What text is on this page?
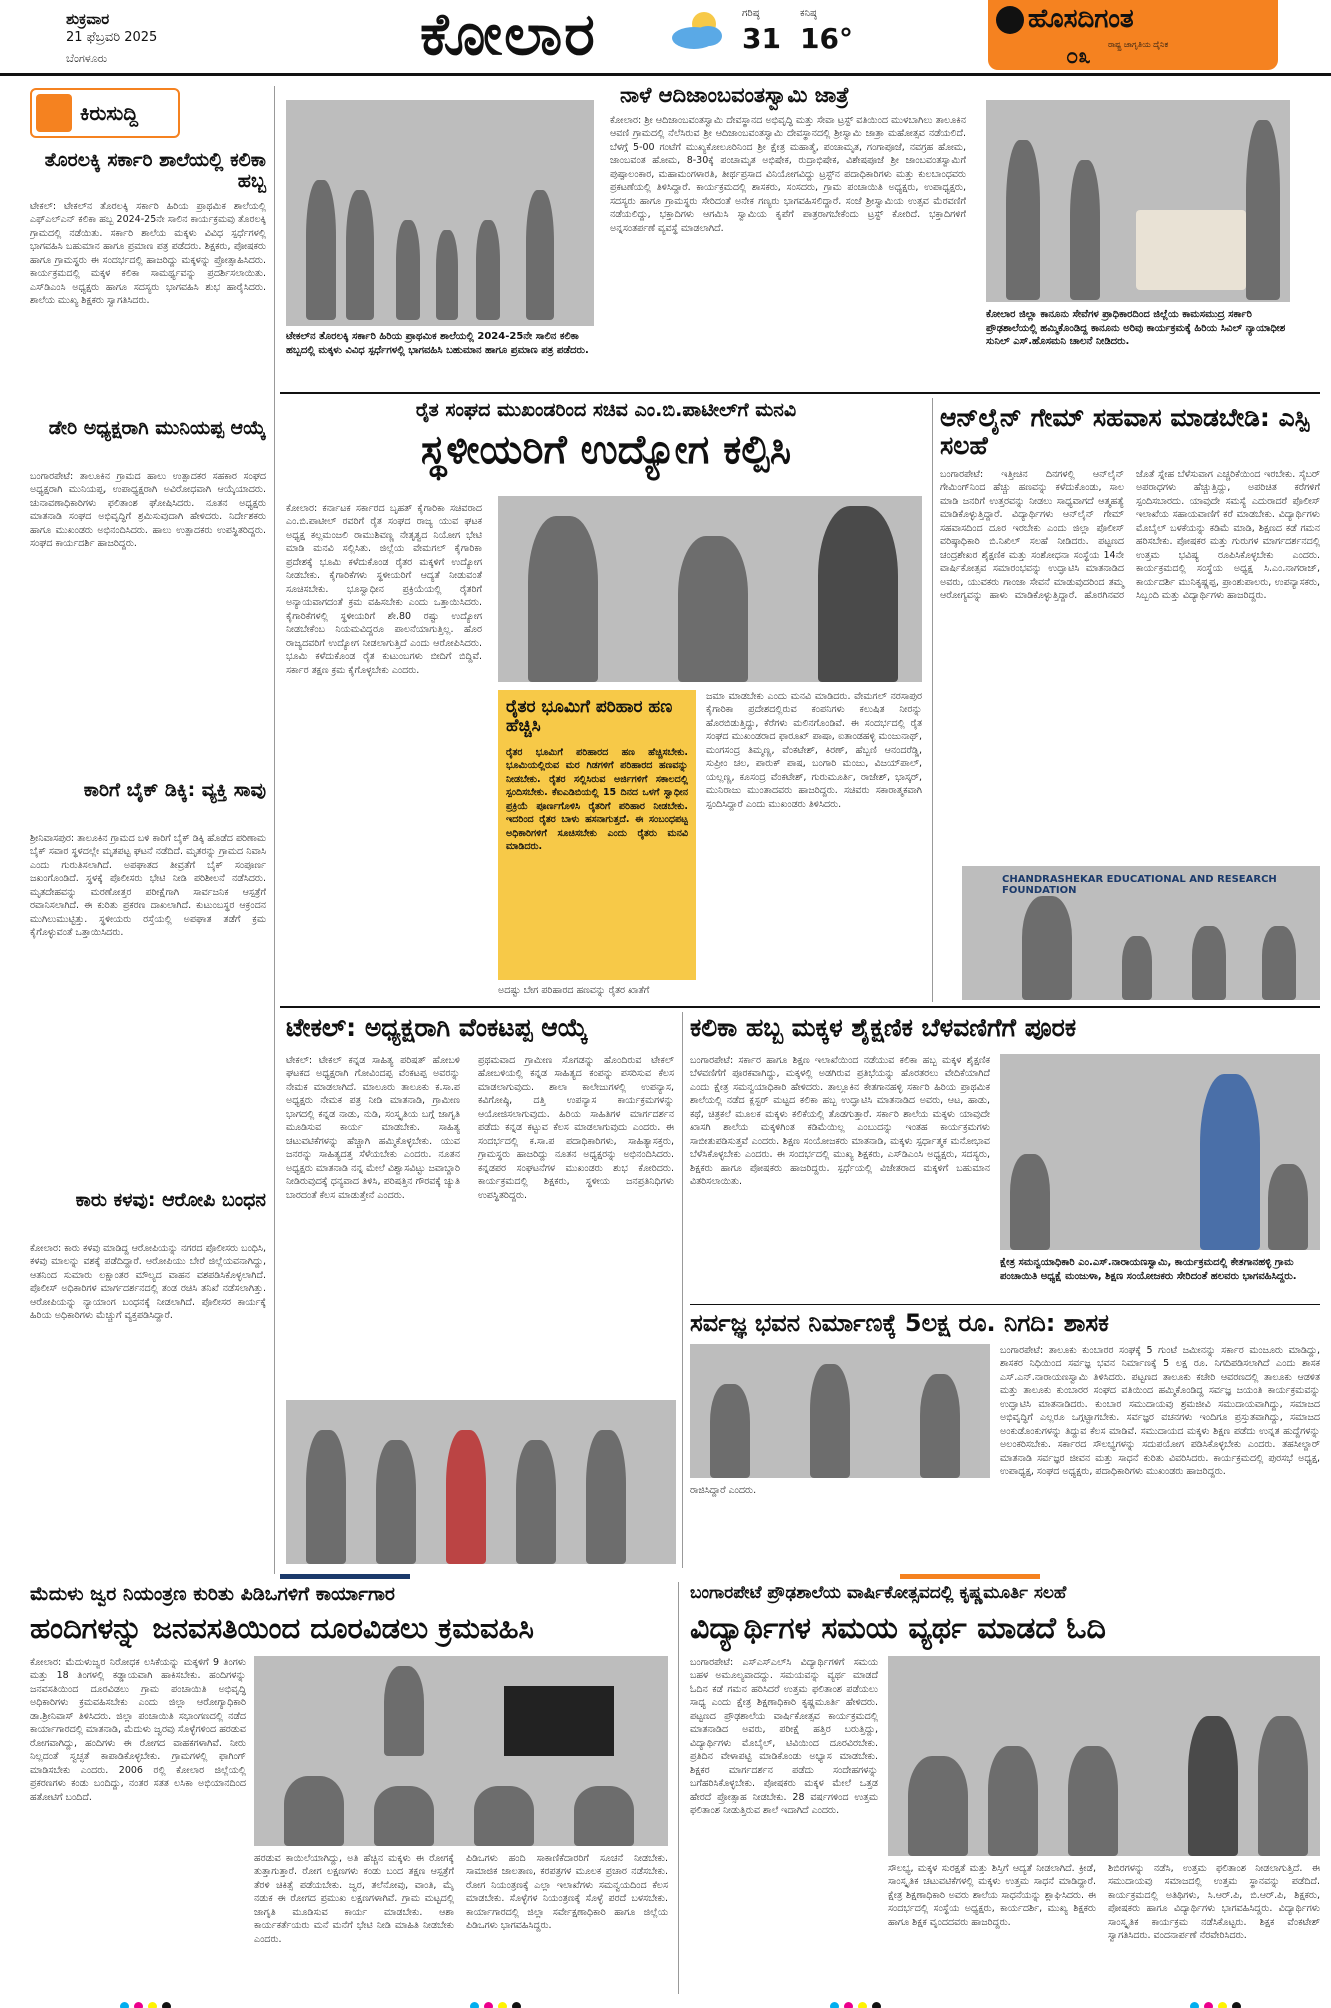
ಶುಕ್ರವಾರ
21 ಫೆಬ್ರವರಿ 2025
ಬೆಂಗಳೂರು	ಕೋಲಾರ	ಗರಿಷ್ಠ
31
ಕನಿಷ್ಠ
16°
ಹೊಸದಿಗಂತ
ರಾಷ್ಟ್ರ ಜಾಗೃತಿಯ ದೈನಿಕ
೦೩
ಕಿರುಸುದ್ದಿ
ತೊರಲಕ್ಕಿ ಸರ್ಕಾರಿ ಶಾಲೆಯಲ್ಲಿ ಕಲಿಕಾ ಹಬ್ಬ
ಟೇಕಲ್: ಟೇಕಲ್‌ನ ತೊರಲಕ್ಕಿ ಸರ್ಕಾರಿ ಹಿರಿಯ ಪ್ರಾಥಮಿಕ ಶಾಲೆಯಲ್ಲಿ ಎಫ್‌ಎಲ್‌ಎನ್ ಕಲಿಕಾ ಹಬ್ಬ 2024-25ನೇ ಸಾಲಿನ ಕಾರ್ಯಕ್ರಮವು ತೊರಲಕ್ಕಿ ಗ್ರಾಮದಲ್ಲಿ ನಡೆಯಿತು. ಸರ್ಕಾರಿ ಶಾಲೆಯ ಮಕ್ಕಳು ವಿವಿಧ ಸ್ಪರ್ಧೆಗಳಲ್ಲಿ ಭಾಗವಹಿಸಿ ಬಹುಮಾನ ಹಾಗೂ ಪ್ರಮಾಣ ಪತ್ರ ಪಡೆದರು. ಶಿಕ್ಷಕರು, ಪೋಷಕರು ಹಾಗೂ ಗ್ರಾಮಸ್ಥರು ಈ ಸಂದರ್ಭದಲ್ಲಿ ಹಾಜರಿದ್ದು ಮಕ್ಕಳನ್ನು ಪ್ರೋತ್ಸಾಹಿಸಿದರು. ಕಾರ್ಯಕ್ರಮದಲ್ಲಿ ಮಕ್ಕಳ ಕಲಿಕಾ ಸಾಮರ್ಥ್ಯವನ್ನು ಪ್ರದರ್ಶಿಸಲಾಯಿತು. ಎಸ್‌ಡಿಎಂಸಿ ಅಧ್ಯಕ್ಷರು ಹಾಗೂ ಸದಸ್ಯರು ಭಾಗವಹಿಸಿ ಶುಭ ಹಾರೈಸಿದರು. ಶಾಲೆಯ ಮುಖ್ಯ ಶಿಕ್ಷಕರು ಸ್ವಾಗತಿಸಿದರು.
ಡೇರಿ ಅಧ್ಯಕ್ಷರಾಗಿ ಮುನಿಯಪ್ಪ ಆಯ್ಕೆ
ಬಂಗಾರಪೇಟೆ: ತಾಲೂಕಿನ ಗ್ರಾಮದ ಹಾಲು ಉತ್ಪಾದಕರ ಸಹಕಾರ ಸಂಘದ ಅಧ್ಯಕ್ಷರಾಗಿ ಮುನಿಯಪ್ಪ, ಉಪಾಧ್ಯಕ್ಷರಾಗಿ ಅವಿರೋಧವಾಗಿ ಆಯ್ಕೆಯಾದರು. ಚುನಾವಣಾಧಿಕಾರಿಗಳು ಫಲಿತಾಂಶ ಘೋಷಿಸಿದರು. ನೂತನ ಅಧ್ಯಕ್ಷರು ಮಾತನಾಡಿ ಸಂಘದ ಅಭಿವೃದ್ಧಿಗೆ ಶ್ರಮಿಸುವುದಾಗಿ ಹೇಳಿದರು. ನಿರ್ದೇಶಕರು ಹಾಗೂ ಮುಖಂಡರು ಅಭಿನಂದಿಸಿದರು. ಹಾಲು ಉತ್ಪಾದಕರು ಉಪಸ್ಥಿತರಿದ್ದರು. ಸಂಘದ ಕಾರ್ಯದರ್ಶಿ ಹಾಜರಿದ್ದರು.
ಕಾರಿಗೆ ಬೈಕ್ ಡಿಕ್ಕಿ: ವ್ಯಕ್ತಿ ಸಾವು
ಶ್ರೀನಿವಾಸಪುರ: ತಾಲೂಕಿನ ಗ್ರಾಮದ ಬಳಿ ಕಾರಿಗೆ ಬೈಕ್ ಡಿಕ್ಕಿ ಹೊಡೆದ ಪರಿಣಾಮ ಬೈಕ್ ಸವಾರ ಸ್ಥಳದಲ್ಲೇ ಮೃತಪಟ್ಟ ಘಟನೆ ನಡೆದಿದೆ. ಮೃತರನ್ನು ಗ್ರಾಮದ ನಿವಾಸಿ ಎಂದು ಗುರುತಿಸಲಾಗಿದೆ. ಅಪಘಾತದ ತೀವ್ರತೆಗೆ ಬೈಕ್ ಸಂಪೂರ್ಣ ಜಖಂಗೊಂಡಿದೆ. ಸ್ಥಳಕ್ಕೆ ಪೊಲೀಸರು ಭೇಟಿ ನೀಡಿ ಪರಿಶೀಲನೆ ನಡೆಸಿದರು. ಮೃತದೇಹವನ್ನು ಮರಣೋತ್ತರ ಪರೀಕ್ಷೆಗಾಗಿ ಸಾರ್ವಜನಿಕ ಆಸ್ಪತ್ರೆಗೆ ರವಾನಿಸಲಾಗಿದೆ. ಈ ಕುರಿತು ಪ್ರಕರಣ ದಾಖಲಾಗಿದೆ. ಕುಟುಂಬಸ್ಥರ ಆಕ್ರಂದನ ಮುಗಿಲುಮುಟ್ಟಿತ್ತು. ಸ್ಥಳೀಯರು ರಸ್ತೆಯಲ್ಲಿ ಅಪಘಾತ ತಡೆಗೆ ಕ್ರಮ ಕೈಗೊಳ್ಳುವಂತೆ ಒತ್ತಾಯಿಸಿದರು.
ಕಾರು ಕಳವು: ಆರೋಪಿ ಬಂಧನ
ಕೋಲಾರ: ಕಾರು ಕಳವು ಮಾಡಿದ್ದ ಆರೋಪಿಯನ್ನು ನಗರದ ಪೊಲೀಸರು ಬಂಧಿಸಿ, ಕಳವು ಮಾಲನ್ನು ವಶಕ್ಕೆ ಪಡೆದಿದ್ದಾರೆ. ಆರೋಪಿಯು ಬೇರೆ ಜಿಲ್ಲೆಯವನಾಗಿದ್ದು, ಆತನಿಂದ ಸುಮಾರು ಲಕ್ಷಾಂತರ ಮೌಲ್ಯದ ವಾಹನ ವಶಪಡಿಸಿಕೊಳ್ಳಲಾಗಿದೆ. ಪೊಲೀಸ್ ಅಧಿಕಾರಿಗಳ ಮಾರ್ಗದರ್ಶನದಲ್ಲಿ ತಂಡ ರಚಿಸಿ ತನಿಖೆ ನಡೆಸಲಾಗಿತ್ತು. ಆರೋಪಿಯನ್ನು ನ್ಯಾಯಾಂಗ ಬಂಧನಕ್ಕೆ ನೀಡಲಾಗಿದೆ. ಪೊಲೀಸರ ಕಾರ್ಯಕ್ಕೆ ಹಿರಿಯ ಅಧಿಕಾರಿಗಳು ಮೆಚ್ಚುಗೆ ವ್ಯಕ್ತಪಡಿಸಿದ್ದಾರೆ.
ಟೇಕಲ್‌ನ ತೊರಲಕ್ಕಿ ಸರ್ಕಾರಿ ಹಿರಿಯ ಪ್ರಾಥಮಿಕ ಶಾಲೆಯಲ್ಲಿ 2024-25ನೇ ಸಾಲಿನ ಕಲಿಕಾ ಹಬ್ಬದಲ್ಲಿ ಮಕ್ಕಳು ವಿವಿಧ ಸ್ಪರ್ಧೆಗಳಲ್ಲಿ ಭಾಗವಹಿಸಿ ಬಹುಮಾನ ಹಾಗೂ ಪ್ರಮಾಣ ಪತ್ರ ಪಡೆದರು.
ನಾಳೆ ಆದಿಜಾಂಬವಂತಸ್ವಾಮಿ ಜಾತ್ರೆ
ಕೋಲಾರ: ಶ್ರೀ ಆದಿಜಾಂಬವಂತಸ್ವಾಮಿ ದೇವಸ್ಥಾನದ ಅಭಿವೃದ್ಧಿ ಮತ್ತು ಸೇವಾ ಟ್ರಸ್ಟ್ ವತಿಯಿಂದ ಮುಳಬಾಗಿಲು ತಾಲೂಕಿನ ಆವಣಿ ಗ್ರಾಮದಲ್ಲಿ ನೆಲೆಸಿರುವ ಶ್ರೀ ಆದಿಜಾಂಬವಂತಸ್ವಾಮಿ ದೇವಸ್ಥಾನದಲ್ಲಿ ಶ್ರೀಸ್ವಾಮಿ ಜಾತ್ರಾ ಮಹೋತ್ಸವ ನಡೆಯಲಿದೆ. ಬೆಳಗ್ಗೆ 5-00 ಗಂಟೆಗೆ ಮುಖ್ಯಕೋಲೂರಿನಿಂದ ಶ್ರೀ ಕ್ಷೇತ್ರ ಮಹಾತ್ಮೆ, ಪಂಚಾಮೃತ, ಗಂಗಾಪೂಜೆ, ನವಗ್ರಹ ಹೋಮ, ಜಾಂಬವಂತ ಹೋಮ, 8-30ಕ್ಕೆ ಪಂಚಾಮೃತ ಅಭಿಷೇಕ, ರುದ್ರಾಭಿಷೇಕ, ವಿಶೇಷಪೂಜೆ ಶ್ರೀ ಜಾಂಬವಂತಸ್ವಾಮಿಗೆ ಪುಷ್ಪಾಲಂಕಾರ, ಮಹಾಮಂಗಳಾರತಿ, ತೀರ್ಥಪ್ರಸಾದ ವಿನಿಯೋಗವಿದ್ದು ಟ್ರಸ್ಟ್‌ನ ಪದಾಧಿಕಾರಿಗಳು ಮತ್ತು ಕುಲಬಾಂಧವರು ಪ್ರಕಟಣೆಯಲ್ಲಿ ತಿಳಿಸಿದ್ದಾರೆ. ಕಾರ್ಯಕ್ರಮದಲ್ಲಿ ಶಾಸಕರು, ಸಂಸದರು, ಗ್ರಾಮ ಪಂಚಾಯಿತಿ ಅಧ್ಯಕ್ಷರು, ಉಪಾಧ್ಯಕ್ಷರು, ಸದಸ್ಯರು ಹಾಗೂ ಗ್ರಾಮಸ್ಥರು ಸೇರಿದಂತೆ ಅನೇಕ ಗಣ್ಯರು ಭಾಗವಹಿಸಲಿದ್ದಾರೆ. ಸಂಜೆ ಶ್ರೀಸ್ವಾಮಿಯ ಉತ್ಸವ ಮೆರವಣಿಗೆ ನಡೆಯಲಿದ್ದು, ಭಕ್ತಾದಿಗಳು ಆಗಮಿಸಿ ಸ್ವಾಮಿಯ ಕೃಪೆಗೆ ಪಾತ್ರರಾಗಬೇಕೆಂದು ಟ್ರಸ್ಟ್ ಕೋರಿದೆ. ಭಕ್ತಾದಿಗಳಿಗೆ ಅನ್ನಸಂತರ್ಪಣೆ ವ್ಯವಸ್ಥೆ ಮಾಡಲಾಗಿದೆ.
ಕೋಲಾರ ಜಿಲ್ಲಾ ಕಾನೂನು ಸೇವೆಗಳ ಪ್ರಾಧಿಕಾರದಿಂದ ಜಿಲ್ಲೆಯ ಕಾಮಸಮುದ್ರ ಸರ್ಕಾರಿ ಪ್ರೌಢಶಾಲೆಯಲ್ಲಿ ಹಮ್ಮಿಕೊಂಡಿದ್ದ ಕಾನೂನು ಅರಿವು ಕಾರ್ಯಕ್ರಮಕ್ಕೆ ಹಿರಿಯ ಸಿವಿಲ್ ನ್ಯಾಯಾಧೀಶ ಸುನಿಲ್ ಎಸ್.ಹೊಸಮನಿ ಚಾಲನೆ ನೀಡಿದರು.
ರೈತ ಸಂಘದ ಮುಖಂಡರಿಂದ ಸಚಿವ ಎಂ.ಬಿ.ಪಾಟೀಲ್‌ಗೆ ಮನವಿ
ಸ್ಥಳೀಯರಿಗೆ ಉದ್ಯೋಗ ಕಲ್ಪಿಸಿ
ಕೋಲಾರ: ಕರ್ನಾಟಕ ಸರ್ಕಾರದ ಬೃಹತ್ ಕೈಗಾರಿಕಾ ಸಚಿವರಾದ ಎಂ.ಬಿ.ಪಾಟೀಲ್ ರವರಿಗೆ ರೈತ ಸಂಘದ ರಾಜ್ಯ ಯುವ ಘಟಕ ಅಧ್ಯಕ್ಷ ಕಲ್ಲಮಂಜಲಿ ರಾಮುಶಿವಣ್ಣ ನೇತೃತ್ವದ ನಿಯೋಗ ಭೇಟಿ ಮಾಡಿ ಮನವಿ ಸಲ್ಲಿಸಿತು. ಜಿಲ್ಲೆಯ ವೇಮಗಲ್ ಕೈಗಾರಿಕಾ ಪ್ರದೇಶಕ್ಕೆ ಭೂಮಿ ಕಳೆದುಕೊಂಡ ರೈತರ ಮಕ್ಕಳಿಗೆ ಉದ್ಯೋಗ ನೀಡಬೇಕು. ಕೈಗಾರಿಕೆಗಳು ಸ್ಥಳೀಯರಿಗೆ ಆದ್ಯತೆ ನೀಡುವಂತೆ ಸೂಚಿಸಬೇಕು. ಭೂಸ್ವಾಧೀನ ಪ್ರಕ್ರಿಯೆಯಲ್ಲಿ ರೈತರಿಗೆ ಅನ್ಯಾಯವಾಗದಂತೆ ಕ್ರಮ ವಹಿಸಬೇಕು ಎಂದು ಒತ್ತಾಯಿಸಿದರು. ಕೈಗಾರಿಕೆಗಳಲ್ಲಿ ಸ್ಥಳೀಯರಿಗೆ ಶೇ.80 ರಷ್ಟು ಉದ್ಯೋಗ ನೀಡಬೇಕೆಂಬ ನಿಯಮವಿದ್ದರೂ ಪಾಲನೆಯಾಗುತ್ತಿಲ್ಲ. ಹೊರ ರಾಜ್ಯದವರಿಗೆ ಉದ್ಯೋಗ ನೀಡಲಾಗುತ್ತಿದೆ ಎಂದು ಆರೋಪಿಸಿದರು. ಭೂಮಿ ಕಳೆದುಕೊಂಡ ರೈತ ಕುಟುಂಬಗಳು ಬೀದಿಗೆ ಬಿದ್ದಿವೆ. ಸರ್ಕಾರ ತಕ್ಷಣ ಕ್ರಮ ಕೈಗೊಳ್ಳಬೇಕು ಎಂದರು.
ರೈತರ ಭೂಮಿಗೆ ಪರಿಹಾರ ಹಣ ಹೆಚ್ಚಿಸಿ
ರೈತರ ಭೂಮಿಗೆ ಪರಿಹಾರದ ಹಣ ಹೆಚ್ಚಿಸಬೇಕು. ಭೂಮಿಯಲ್ಲಿರುವ ಮರ ಗಿಡಗಳಿಗೆ ಪರಿಹಾರದ ಹಣವನ್ನು ನೀಡಬೇಕು. ರೈತರ ಸಲ್ಲಿಸಿರುವ ಅರ್ಜಿಗಳಿಗೆ ಸಕಾಲದಲ್ಲಿ ಸ್ಪಂದಿಸಬೇಕು. ಕೆಐಎಡಿಬಿಯಲ್ಲಿ 15 ದಿನದ ಒಳಗೆ ಸ್ವಾಧೀನ ಪ್ರಕ್ರಿಯೆ ಪೂರ್ಣಗೊಳಿಸಿ ರೈತರಿಗೆ ಪರಿಹಾರ ನೀಡಬೇಕು. ಇದರಿಂದ ರೈತರ ಬಾಳು ಹಸನಾಗುತ್ತದೆ. ಈ ಸಂಬಂಧಪಟ್ಟ ಅಧಿಕಾರಿಗಳಿಗೆ ಸೂಚಿಸಬೇಕು ಎಂದು ರೈತರು ಮನವಿ ಮಾಡಿದರು.
ಜಮಾ ಮಾಡಬೇಕು ಎಂದು ಮನವಿ ಮಾಡಿದರು. ವೇಮಗಲ್ ನರಸಾಪುರ ಕೈಗಾರಿಕಾ ಪ್ರದೇಶದಲ್ಲಿರುವ ಕಂಪನಿಗಳು ಕಲುಷಿತ ನೀರನ್ನು ಹೊರಬಿಡುತ್ತಿದ್ದು, ಕೆರೆಗಳು ಮಲಿನಗೊಂಡಿವೆ. ಈ ಸಂದರ್ಭದಲ್ಲಿ ರೈತ ಸಂಘದ ಮುಖಂಡರಾದ ಫಾರೂಖ್ ಪಾಷಾ, ಐತಾಂಡಹಳ್ಳಿ ಮಂಜುನಾಥ್, ಮಂಗಸಂದ್ರ ತಿಮ್ಮಣ್ಣ, ವೆಂಕಟೇಶ್, ಕಿರಣ್, ಹೆಬ್ಬಣಿ ಆನಂದರೆಡ್ಡಿ, ಸುಪ್ರೀಂ ಚಲ, ಪಾರುಕ್ ಪಾಷ, ಬಂಗಾರಿ ಮಂಜು, ವಿಜಯ್‌ಪಾಲ್, ಯಲ್ಲಣ್ಣ, ಕೂಸಂದ್ರ ವೆಂಕಟೇಶ್, ಗುರುಮೂರ್ತಿ, ರಾಜೇಶ್, ಭಾಸ್ಕರ್, ಮುನಿರಾಜು ಮುಂತಾದವರು ಹಾಜರಿದ್ದರು. ಸಚಿವರು ಸಕಾರಾತ್ಮಕವಾಗಿ ಸ್ಪಂದಿಸಿದ್ದಾರೆ ಎಂದು ಮುಖಂಡರು ತಿಳಿಸಿದರು.
ಅದಷ್ಟು ಬೇಗ ಪರಿಹಾರದ ಹಣವನ್ನು ರೈತರ ಖಾತೆಗೆ
ಆನ್‌ಲೈನ್ ಗೇಮ್ ಸಹವಾಸ ಮಾಡಬೇಡಿ: ಎಸ್ಪಿ ಸಲಹೆ
ಬಂಗಾರಪೇಟೆ: ಇತ್ತೀಚಿನ ದಿನಗಳಲ್ಲಿ ಆನ್‌ಲೈನ್ ಗೇಮಿಂಗ್‌ನಿಂದ ಹೆಚ್ಚು ಹಣವನ್ನು ಕಳೆದುಕೊಂಡು, ಸಾಲ ಮಾಡಿ ಜನರಿಗೆ ಉತ್ತರವನ್ನು ನೀಡಲು ಸಾಧ್ಯವಾಗದೆ ಆತ್ಮಹತ್ಯೆ ಮಾಡಿಕೊಳ್ಳುತ್ತಿದ್ದಾರೆ. ವಿದ್ಯಾರ್ಥಿಗಳು ಆನ್‌ಲೈನ್ ಗೇಮ್ ಸಹವಾಸದಿಂದ ದೂರ ಇರಬೇಕು ಎಂದು ಜಿಲ್ಲಾ ಪೊಲೀಸ್ ವರಿಷ್ಠಾಧಿಕಾರಿ ಬಿ.ನಿಖಿಲ್ ಸಲಹೆ ನೀಡಿದರು. ಪಟ್ಟಣದ ಚಂದ್ರಶೇಖರ ಶೈಕ್ಷಣಿಕ ಮತ್ತು ಸಂಶೋಧನಾ ಸಂಸ್ಥೆಯ 14ನೇ ವಾರ್ಷಿಕೋತ್ಸವ ಸಮಾರಂಭವನ್ನು ಉದ್ಘಾಟಿಸಿ ಮಾತನಾಡಿದ ಅವರು, ಯುವಕರು ಗಾಂಜಾ ಸೇವನೆ ಮಾಡುವುದರಿಂದ ತಮ್ಮ ಆರೋಗ್ಯವನ್ನು ಹಾಳು ಮಾಡಿಕೊಳ್ಳುತ್ತಿದ್ದಾರೆ. ಹೊರಗಿನವರ ಜೊತೆ ಸ್ನೇಹ ಬೆಳೆಸುವಾಗ ಎಚ್ಚರಿಕೆಯಿಂದ ಇರಬೇಕು. ಸೈಬರ್ ಅಪರಾಧಗಳು ಹೆಚ್ಚುತ್ತಿದ್ದು, ಅಪರಿಚಿತ ಕರೆಗಳಿಗೆ ಸ್ಪಂದಿಸಬಾರದು. ಯಾವುದೇ ಸಮಸ್ಯೆ ಎದುರಾದರೆ ಪೊಲೀಸ್ ಇಲಾಖೆಯ ಸಹಾಯವಾಣಿಗೆ ಕರೆ ಮಾಡಬೇಕು. ವಿದ್ಯಾರ್ಥಿಗಳು ಮೊಬೈಲ್ ಬಳಕೆಯನ್ನು ಕಡಿಮೆ ಮಾಡಿ, ಶಿಕ್ಷಣದ ಕಡೆ ಗಮನ ಹರಿಸಬೇಕು. ಪೋಷಕರ ಮತ್ತು ಗುರುಗಳ ಮಾರ್ಗದರ್ಶನದಲ್ಲಿ ಉತ್ತಮ ಭವಿಷ್ಯ ರೂಪಿಸಿಕೊಳ್ಳಬೇಕು ಎಂದರು. ಕಾರ್ಯಕ್ರಮದಲ್ಲಿ ಸಂಸ್ಥೆಯ ಅಧ್ಯಕ್ಷ ಸಿ.ಎಂ.ನಾಗರಾಜ್, ಕಾರ್ಯದರ್ಶಿ ಮುನಿಕೃಷ್ಣಪ್ಪ, ಪ್ರಾಂಶುಪಾಲರು, ಉಪನ್ಯಾಸಕರು, ಸಿಬ್ಬಂದಿ ಮತ್ತು ವಿದ್ಯಾರ್ಥಿಗಳು ಹಾಜರಿದ್ದರು.
CHANDRASHEKAR EDUCATIONAL AND RESEARCH FOUNDATION
ಟೇಕಲ್: ಅಧ್ಯಕ್ಷರಾಗಿ ವೆಂಕಟಪ್ಪ ಆಯ್ಕೆ
ಟೇಕಲ್: ಟೇಕಲ್ ಕನ್ನಡ ಸಾಹಿತ್ಯ ಪರಿಷತ್ ಹೋಬಳಿ ಘಟಕದ ಅಧ್ಯಕ್ಷರಾಗಿ ಗೋವಿಂದಪ್ಪ ವೆಂಕಟಪ್ಪ ಅವರನ್ನು ನೇಮಕ ಮಾಡಲಾಗಿದೆ. ಮಾಲೂರು ತಾಲೂಕು ಕ.ಸಾ.ಪ ಅಧ್ಯಕ್ಷರು ನೇಮಕ ಪತ್ರ ನೀಡಿ ಮಾತನಾಡಿ, ಗ್ರಾಮೀಣ ಭಾಗದಲ್ಲಿ ಕನ್ನಡ ನಾಡು, ನುಡಿ, ಸಂಸ್ಕೃತಿಯ ಬಗ್ಗೆ ಜಾಗೃತಿ ಮೂಡಿಸುವ ಕಾರ್ಯ ಮಾಡಬೇಕು. ಸಾಹಿತ್ಯ ಚಟುವಟಿಕೆಗಳನ್ನು ಹೆಚ್ಚಾಗಿ ಹಮ್ಮಿಕೊಳ್ಳಬೇಕು. ಯುವ ಜನರನ್ನು ಸಾಹಿತ್ಯದತ್ತ ಸೆಳೆಯಬೇಕು ಎಂದರು. ನೂತನ ಅಧ್ಯಕ್ಷರು ಮಾತನಾಡಿ ನನ್ನ ಮೇಲೆ ವಿಶ್ವಾಸವಿಟ್ಟು ಜವಾಬ್ದಾರಿ ನೀಡಿರುವುದಕ್ಕೆ ಧನ್ಯವಾದ ತಿಳಿಸಿ, ಪರಿಷತ್ತಿನ ಗೌರವಕ್ಕೆ ಚ್ಯುತಿ ಬಾರದಂತೆ ಕೆಲಸ ಮಾಡುತ್ತೇನೆ ಎಂದರು.
ಪ್ರಥಮವಾದ ಗ್ರಾಮೀಣ ಸೊಗಡನ್ನು ಹೊಂದಿರುವ ಟೇಕಲ್ ಹೋಬಳಿಯಲ್ಲಿ ಕನ್ನಡ ಸಾಹಿತ್ಯದ ಕಂಪನ್ನು ಪಸರಿಸುವ ಕೆಲಸ ಮಾಡಲಾಗುವುದು. ಶಾಲಾ ಕಾಲೇಜುಗಳಲ್ಲಿ ಉಪನ್ಯಾಸ, ಕವಿಗೋಷ್ಠಿ, ದತ್ತಿ ಉಪನ್ಯಾಸ ಕಾರ್ಯಕ್ರಮಗಳನ್ನು ಆಯೋಜಿಸಲಾಗುವುದು. ಹಿರಿಯ ಸಾಹಿತಿಗಳ ಮಾರ್ಗದರ್ಶನ ಪಡೆದು ಕನ್ನಡ ಕಟ್ಟುವ ಕೆಲಸ ಮಾಡಲಾಗುವುದು ಎಂದರು. ಈ ಸಂದರ್ಭದಲ್ಲಿ ಕ.ಸಾ.ಪ ಪದಾಧಿಕಾರಿಗಳು, ಸಾಹಿತ್ಯಾಸಕ್ತರು, ಗ್ರಾಮಸ್ಥರು ಹಾಜರಿದ್ದು ನೂತನ ಅಧ್ಯಕ್ಷರನ್ನು ಅಭಿನಂದಿಸಿದರು. ಕನ್ನಡಪರ ಸಂಘಟನೆಗಳ ಮುಖಂಡರು ಶುಭ ಕೋರಿದರು. ಕಾರ್ಯಕ್ರಮದಲ್ಲಿ ಶಿಕ್ಷಕರು, ಸ್ಥಳೀಯ ಜನಪ್ರತಿನಿಧಿಗಳು ಉಪಸ್ಥಿತರಿದ್ದರು.
ಕಲಿಕಾ ಹಬ್ಬ ಮಕ್ಕಳ ಶೈಕ್ಷಣಿಕ ಬೆಳವಣಿಗೆಗೆ ಪೂರಕ
ಬಂಗಾರಪೇಟೆ: ಸರ್ಕಾರ ಹಾಗೂ ಶಿಕ್ಷಣ ಇಲಾಖೆಯಿಂದ ನಡೆಯುವ ಕಲಿಕಾ ಹಬ್ಬ ಮಕ್ಕಳ ಶೈಕ್ಷಣಿಕ ಬೆಳವಣಿಗೆಗೆ ಪೂರಕವಾಗಿದ್ದು, ಮಕ್ಕಳಲ್ಲಿ ಅಡಗಿರುವ ಪ್ರತಿಭೆಯನ್ನು ಹೊರತರಲು ವೇದಿಕೆಯಾಗಿದೆ ಎಂದು ಕ್ಷೇತ್ರ ಸಮನ್ವಯಾಧಿಕಾರಿ ಹೇಳಿದರು. ತಾಲ್ಲೂಕಿನ ಕೇತಗಾನಹಳ್ಳಿ ಸರ್ಕಾರಿ ಹಿರಿಯ ಪ್ರಾಥಮಿಕ ಶಾಲೆಯಲ್ಲಿ ನಡೆದ ಕ್ಲಸ್ಟರ್ ಮಟ್ಟದ ಕಲಿಕಾ ಹಬ್ಬ ಉದ್ಘಾಟಿಸಿ ಮಾತನಾಡಿದ ಅವರು, ಆಟ, ಹಾಡು, ಕಥೆ, ಚಿತ್ರಕಲೆ ಮೂಲಕ ಮಕ್ಕಳು ಕಲಿಕೆಯಲ್ಲಿ ತೊಡಗುತ್ತಾರೆ. ಸರ್ಕಾರಿ ಶಾಲೆಯ ಮಕ್ಕಳು ಯಾವುದೇ ಖಾಸಗಿ ಶಾಲೆಯ ಮಕ್ಕಳಿಗಿಂತ ಕಡಿಮೆಯಿಲ್ಲ ಎಂಬುದನ್ನು ಇಂತಹ ಕಾರ್ಯಕ್ರಮಗಳು ಸಾಬೀತುಪಡಿಸುತ್ತವೆ ಎಂದರು. ಶಿಕ್ಷಣ ಸಂಯೋಜಕರು ಮಾತನಾಡಿ, ಮಕ್ಕಳು ಸ್ಪರ್ಧಾತ್ಮಕ ಮನೋಭಾವ ಬೆಳೆಸಿಕೊಳ್ಳಬೇಕು ಎಂದರು. ಈ ಸಂದರ್ಭದಲ್ಲಿ ಮುಖ್ಯ ಶಿಕ್ಷಕರು, ಎಸ್‌ಡಿಎಂಸಿ ಅಧ್ಯಕ್ಷರು, ಸದಸ್ಯರು, ಶಿಕ್ಷಕರು ಹಾಗೂ ಪೋಷಕರು ಹಾಜರಿದ್ದರು. ಸ್ಪರ್ಧೆಯಲ್ಲಿ ವಿಜೇತರಾದ ಮಕ್ಕಳಿಗೆ ಬಹುಮಾನ ವಿತರಿಸಲಾಯಿತು.
ಕ್ಷೇತ್ರ ಸಮನ್ವಯಾಧಿಕಾರಿ ಎಂ.ಎಸ್.ನಾರಾಯಣಸ್ವಾಮಿ, ಕಾರ್ಯಕ್ರಮದಲ್ಲಿ ಕೇತಗಾನಹಳ್ಳಿ ಗ್ರಾಮ ಪಂಚಾಯಿತಿ ಅಧ್ಯಕ್ಷೆ ಮಂಜುಳಾ, ಶಿಕ್ಷಣ ಸಂಯೋಜಕರು ಸೇರಿದಂತೆ ಹಲವರು ಭಾಗವಹಿಸಿದ್ದರು.
ಸರ್ವಜ್ಞ ಭವನ ನಿರ್ಮಾಣಕ್ಕೆ 5ಲಕ್ಷ ರೂ. ನಿಗದಿ: ಶಾಸಕ
ಬಂಗಾರಪೇಟೆ: ತಾಲೂಕು ಕುಂಬಾರರ ಸಂಘಕ್ಕೆ 5 ಗುಂಟೆ ಜಮೀನನ್ನು ಸರ್ಕಾರ ಮಂಜೂರು ಮಾಡಿದ್ದು, ಶಾಸಕರ ನಿಧಿಯಿಂದ ಸರ್ವಜ್ಞ ಭವನ ನಿರ್ಮಾಣಕ್ಕೆ 5 ಲಕ್ಷ ರೂ. ನಿಗದಿಪಡಿಸಲಾಗಿದೆ ಎಂದು ಶಾಸಕ ಎಸ್.ಎನ್.ನಾರಾಯಣಸ್ವಾಮಿ ತಿಳಿಸಿದರು. ಪಟ್ಟಣದ ತಾಲೂಕು ಕಚೇರಿ ಆವರಣದಲ್ಲಿ ತಾಲೂಕು ಆಡಳಿತ ಮತ್ತು ತಾಲೂಕು ಕುಂಬಾರರ ಸಂಘದ ವತಿಯಿಂದ ಹಮ್ಮಿಕೊಂಡಿದ್ದ ಸರ್ವಜ್ಞ ಜಯಂತಿ ಕಾರ್ಯಕ್ರಮವನ್ನು ಉದ್ಘಾಟಿಸಿ ಮಾತನಾಡಿದರು. ಕುಂಬಾರ ಸಮುದಾಯವು ಶ್ರಮಜೀವಿ ಸಮುದಾಯವಾಗಿದ್ದು, ಸಮಾಜದ ಅಭಿವೃದ್ಧಿಗೆ ಎಲ್ಲರೂ ಒಗ್ಗಟ್ಟಾಗಬೇಕು. ಸರ್ವಜ್ಞರ ವಚನಗಳು ಇಂದಿಗೂ ಪ್ರಸ್ತುತವಾಗಿದ್ದು, ಸಮಾಜದ ಅಂಕುಡೊಂಕುಗಳನ್ನು ತಿದ್ದುವ ಕೆಲಸ ಮಾಡಿವೆ. ಸಮುದಾಯದ ಮಕ್ಕಳು ಶಿಕ್ಷಣ ಪಡೆದು ಉನ್ನತ ಹುದ್ದೆಗಳನ್ನು ಅಲಂಕರಿಸಬೇಕು. ಸರ್ಕಾರದ ಸೌಲಭ್ಯಗಳನ್ನು ಸದುಪಯೋಗ ಪಡಿಸಿಕೊಳ್ಳಬೇಕು ಎಂದರು. ತಹಸೀಲ್ದಾರ್ ಮಾತನಾಡಿ ಸರ್ವಜ್ಞರ ಜೀವನ ಮತ್ತು ಸಾಧನೆ ಕುರಿತು ವಿವರಿಸಿದರು. ಕಾರ್ಯಕ್ರಮದಲ್ಲಿ ಪುರಸಭೆ ಅಧ್ಯಕ್ಷ, ಉಪಾಧ್ಯಕ್ಷ, ಸಂಘದ ಅಧ್ಯಕ್ಷರು, ಪದಾಧಿಕಾರಿಗಳು ಮುಖಂಡರು ಹಾಜರಿದ್ದರು.
ರಾಜಿಸಿದ್ದಾರೆ ಎಂದರು.
ಮೆದುಳು ಜ್ವರ ನಿಯಂತ್ರಣ ಕುರಿತು ಪಿಡಿಒಗಳಿಗೆ ಕಾರ್ಯಾಗಾರ
ಹಂದಿಗಳನ್ನು ಜನವಸತಿಯಿಂದ ದೂರವಿಡಲು ಕ್ರಮವಹಿಸಿ
ಕೋಲಾರ: ಮೆದುಳುಜ್ವರ ನಿರೋಧಕ ಲಸಿಕೆಯನ್ನು ಮಕ್ಕಳಿಗೆ 9 ತಿಂಗಳು ಮತ್ತು 18 ತಿಂಗಳಲ್ಲಿ ಕಡ್ಡಾಯವಾಗಿ ಹಾಕಿಸಬೇಕು. ಹಂದಿಗಳನ್ನು ಜನವಸತಿಯಿಂದ ದೂರವಿಡಲು ಗ್ರಾಮ ಪಂಚಾಯಿತಿ ಅಭಿವೃದ್ಧಿ ಅಧಿಕಾರಿಗಳು ಕ್ರಮವಹಿಸಬೇಕು ಎಂದು ಜಿಲ್ಲಾ ಆರೋಗ್ಯಾಧಿಕಾರಿ ಡಾ.ಶ್ರೀನಿವಾಸ್ ತಿಳಿಸಿದರು. ಜಿಲ್ಲಾ ಪಂಚಾಯಿತಿ ಸಭಾಂಗಣದಲ್ಲಿ ನಡೆದ ಕಾರ್ಯಾಗಾರದಲ್ಲಿ ಮಾತನಾಡಿ, ಮೆದುಳು ಜ್ವರವು ಸೊಳ್ಳೆಗಳಿಂದ ಹರಡುವ ರೋಗವಾಗಿದ್ದು, ಹಂದಿಗಳು ಈ ರೋಗದ ವಾಹಕಗಳಾಗಿವೆ. ನೀರು ನಿಲ್ಲದಂತೆ ಸ್ವಚ್ಛತೆ ಕಾಪಾಡಿಕೊಳ್ಳಬೇಕು. ಗ್ರಾಮಗಳಲ್ಲಿ ಫಾಗಿಂಗ್ ಮಾಡಿಸಬೇಕು ಎಂದರು. 2006 ರಲ್ಲಿ ಕೋಲಾರ ಜಿಲ್ಲೆಯಲ್ಲಿ ಪ್ರಕರಣಗಳು ಕಂಡು ಬಂದಿದ್ದು, ನಂತರ ಸತತ ಲಸಿಕಾ ಅಭಿಯಾನದಿಂದ ಹತೋಟಿಗೆ ಬಂದಿದೆ.
ಹರಡುವ ಕಾಯಿಲೆಯಾಗಿದ್ದು, ಅತಿ ಹೆಚ್ಚಿನ ಮಕ್ಕಳು ಈ ರೋಗಕ್ಕೆ ತುತ್ತಾಗುತ್ತಾರೆ. ರೋಗ ಲಕ್ಷಣಗಳು ಕಂಡು ಬಂದ ತಕ್ಷಣ ಆಸ್ಪತ್ರೆಗೆ ತೆರಳಿ ಚಿಕಿತ್ಸೆ ಪಡೆಯಬೇಕು. ಜ್ವರ, ತಲೆನೋವು, ವಾಂತಿ, ಮೈ ನಡುಕ ಈ ರೋಗದ ಪ್ರಮುಖ ಲಕ್ಷಣಗಳಾಗಿವೆ. ಗ್ರಾಮ ಮಟ್ಟದಲ್ಲಿ ಜಾಗೃತಿ ಮೂಡಿಸುವ ಕಾರ್ಯ ಮಾಡಬೇಕು. ಆಶಾ ಕಾರ್ಯಕರ್ತೆಯರು ಮನೆ ಮನೆಗೆ ಭೇಟಿ ನೀಡಿ ಮಾಹಿತಿ ನೀಡಬೇಕು ಎಂದರು.
ಪಿಡಿಒಗಳು ಹಂದಿ ಸಾಕಾಣಿಕೆದಾರರಿಗೆ ಸೂಚನೆ ನೀಡಬೇಕು. ಸಾಮಾಜಿಕ ಜಾಲತಾಣ, ಕರಪತ್ರಗಳ ಮೂಲಕ ಪ್ರಚಾರ ನಡೆಸಬೇಕು. ರೋಗ ನಿಯಂತ್ರಣಕ್ಕೆ ಎಲ್ಲಾ ಇಲಾಖೆಗಳು ಸಮನ್ವಯದಿಂದ ಕೆಲಸ ಮಾಡಬೇಕು. ಸೊಳ್ಳೆಗಳ ನಿಯಂತ್ರಣಕ್ಕೆ ಸೊಳ್ಳೆ ಪರದೆ ಬಳಸಬೇಕು. ಕಾರ್ಯಾಗಾರದಲ್ಲಿ ಜಿಲ್ಲಾ ಸರ್ವೇಕ್ಷಣಾಧಿಕಾರಿ ಹಾಗೂ ಜಿಲ್ಲೆಯ ಪಿಡಿಒಗಳು ಭಾಗವಹಿಸಿದ್ದರು.
ಬಂಗಾರಪೇಟೆ ಪ್ರೌಢಶಾಲೆಯ ವಾರ್ಷಿಕೋತ್ಸವದಲ್ಲಿ ಕೃಷ್ಣಮೂರ್ತಿ ಸಲಹೆ
ವಿದ್ಯಾರ್ಥಿಗಳ ಸಮಯ ವ್ಯರ್ಥ ಮಾಡದೆ ಓದಿ
ಬಂಗಾರಪೇಟೆ: ಎಸ್‌ಎಸ್‌ಎಲ್‌ಸಿ ವಿದ್ಯಾರ್ಥಿಗಳಿಗೆ ಸಮಯ ಬಹಳ ಅಮೂಲ್ಯವಾದದ್ದು. ಸಮಯವನ್ನು ವ್ಯರ್ಥ ಮಾಡದೆ ಓದಿನ ಕಡೆ ಗಮನ ಹರಿಸಿದರೆ ಉತ್ತಮ ಫಲಿತಾಂಶ ಪಡೆಯಲು ಸಾಧ್ಯ ಎಂದು ಕ್ಷೇತ್ರ ಶಿಕ್ಷಣಾಧಿಕಾರಿ ಕೃಷ್ಣಮೂರ್ತಿ ಹೇಳಿದರು. ಪಟ್ಟಣದ ಪ್ರೌಢಶಾಲೆಯ ವಾರ್ಷಿಕೋತ್ಸವ ಕಾರ್ಯಕ್ರಮದಲ್ಲಿ ಮಾತನಾಡಿದ ಅವರು, ಪರೀಕ್ಷೆ ಹತ್ತಿರ ಬರುತ್ತಿದ್ದು, ವಿದ್ಯಾರ್ಥಿಗಳು ಮೊಬೈಲ್, ಟಿವಿಯಿಂದ ದೂರವಿರಬೇಕು. ಪ್ರತಿದಿನ ವೇಳಾಪಟ್ಟಿ ಮಾಡಿಕೊಂಡು ಅಭ್ಯಾಸ ಮಾಡಬೇಕು. ಶಿಕ್ಷಕರ ಮಾರ್ಗದರ್ಶನ ಪಡೆದು ಸಂದೇಹಗಳನ್ನು ಬಗೆಹರಿಸಿಕೊಳ್ಳಬೇಕು. ಪೋಷಕರು ಮಕ್ಕಳ ಮೇಲೆ ಒತ್ತಡ ಹೇರದೆ ಪ್ರೋತ್ಸಾಹ ನೀಡಬೇಕು. 28 ವರ್ಷಗಳಿಂದ ಉತ್ತಮ ಫಲಿತಾಂಶ ನೀಡುತ್ತಿರುವ ಶಾಲೆ ಇದಾಗಿದೆ ಎಂದರು.
ಸೌಲಭ್ಯ, ಮಕ್ಕಳ ಸುರಕ್ಷತೆ ಮತ್ತು ಶಿಸ್ತಿಗೆ ಆದ್ಯತೆ ನೀಡಲಾಗಿದೆ. ಕ್ರೀಡೆ, ಸಾಂಸ್ಕೃತಿಕ ಚಟುವಟಿಕೆಗಳಲ್ಲಿ ಮಕ್ಕಳು ಉತ್ತಮ ಸಾಧನೆ ಮಾಡಿದ್ದಾರೆ. ಕ್ಷೇತ್ರ ಶಿಕ್ಷಣಾಧಿಕಾರಿ ಅವರು ಶಾಲೆಯ ಸಾಧನೆಯನ್ನು ಶ್ಲಾಘಿಸಿದರು. ಈ ಸಂದರ್ಭದಲ್ಲಿ ಸಂಸ್ಥೆಯ ಅಧ್ಯಕ್ಷರು, ಕಾರ್ಯದರ್ಶಿ, ಮುಖ್ಯ ಶಿಕ್ಷಕರು ಹಾಗೂ ಶಿಕ್ಷಕ ವೃಂದದವರು ಹಾಜರಿದ್ದರು.
ಶಿಬಿರಗಳನ್ನು ನಡೆಸಿ, ಉತ್ತಮ ಫಲಿತಾಂಶ ನೀಡಲಾಗುತ್ತಿದೆ. ಈ ಸಮುದಾಯವು ಸಮಾಜದಲ್ಲಿ ಉತ್ತಮ ಸ್ಥಾನವನ್ನು ಪಡೆದಿದೆ. ಕಾರ್ಯಕ್ರಮದಲ್ಲಿ ಅತಿಥಿಗಳು, ಸಿ.ಆರ್.ಪಿ, ಬಿ.ಆರ್.ಪಿ, ಶಿಕ್ಷಕರು, ಪೋಷಕರು ಹಾಗೂ ವಿದ್ಯಾರ್ಥಿಗಳು ಭಾಗವಹಿಸಿದ್ದರು. ವಿದ್ಯಾರ್ಥಿಗಳು ಸಾಂಸ್ಕೃತಿಕ ಕಾರ್ಯಕ್ರಮ ನಡೆಸಿಕೊಟ್ಟರು. ಶಿಕ್ಷಕ ವೆಂಕಟೇಶ್ ಸ್ವಾಗತಿಸಿದರು. ವಂದನಾರ್ಪಣೆ ನೆರವೇರಿಸಿದರು.
